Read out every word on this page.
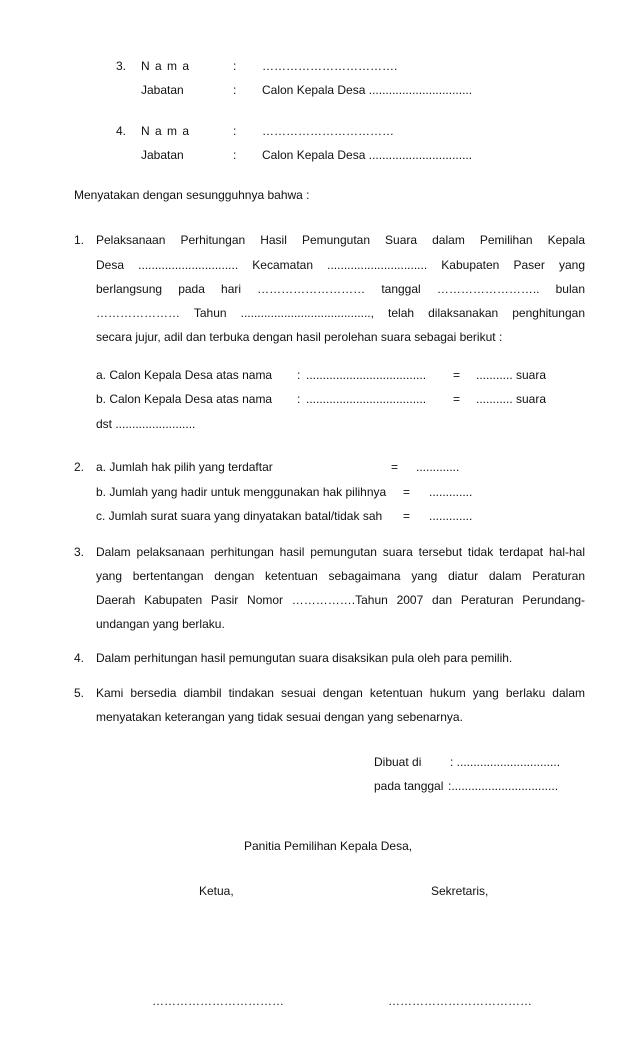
3. N a m a	: …………………………….
Jabatan	: Calon Kepala Desa ...............................
4. N a m a	: ……………………………
Jabatan	: Calon Kepala Desa ...............................
Menyatakan dengan sesungguhnya bahwa :
1. Pelaksanaan Perhitungan Hasil Pemungutan Suara dalam Pemilihan Kepala
Desa .............................. Kecamatan .............................. Kabupaten Paser yang
berlangsung pada hari ……………………… tanggal …………………….. bulan
………………… Tahun ......................................., telah dilaksanakan penghitungan
secara jujur, adil dan terbuka dengan hasil perolehan suara sebagai berikut :
a. Calon Kepala Desa atas nama : .................................... = ........... suara
b. Calon Kepala Desa atas nama : .................................... = ........... suara
dst ........................
2. a. Jumlah hak pilih yang terdaftar	= .............
b. Jumlah yang hadir untuk menggunakan hak pilihnya = .............
c. Jumlah surat suara yang dinyatakan batal/tidak sah = .............
3. Dalam pelaksanaan perhitungan hasil pemungutan suara tersebut tidak terdapat hal-hal
yang bertentangan dengan ketentuan sebagaimana yang diatur dalam Peraturan
Daerah Kabupaten Pasir Nomor …………….Tahun 2007 dan Peraturan Perundang-
undangan yang berlaku.
4. Dalam perhitungan hasil pemungutan suara disaksikan pula oleh para pemilih.
5. Kami bersedia diambil tindakan sesuai dengan ketentuan hukum yang berlaku dalam
menyatakan keterangan yang tidak sesuai dengan yang sebenarnya.
Dibuat di : ...............................
pada tanggal :................................
Panitia Pemilihan Kepala Desa,
Ketua,	Sekretaris,
……………………………	………………………………
